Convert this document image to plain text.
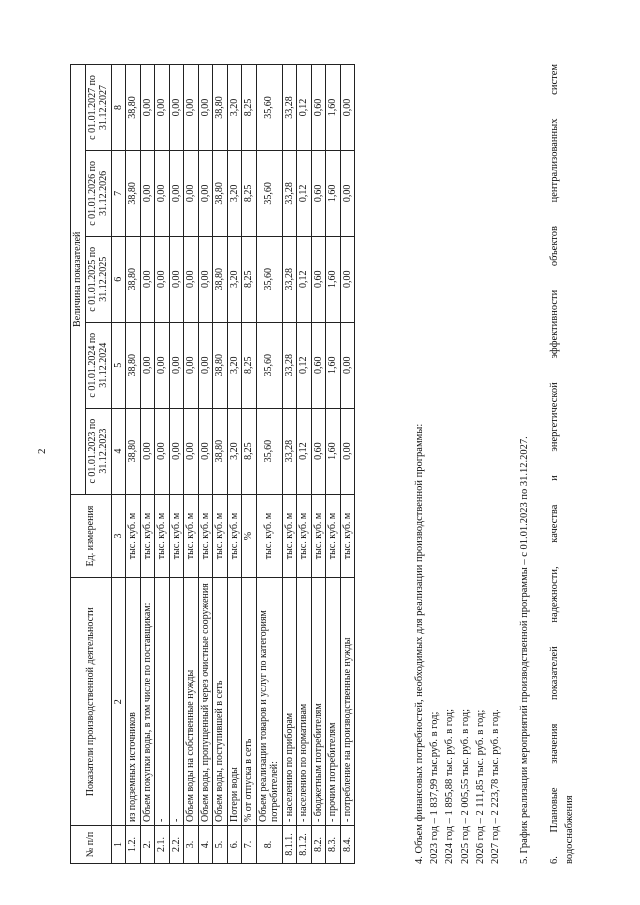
2
№ п/п	Показатели производственной деятельности	Ед. измерения	Величина показателей				
			с 01.01.2023 по 31.12.2023	с 01.01.2024 по 31.12.2024	с 01.01.2025 по 31.12.2025	с 01.01.2026 по 31.12.2026	с 01.01.2027 по 31.12.2027
1	2	3	4	5	6	7	8
1.2.	из подземных источников	тыс. куб. м	38,80	38,80	38,80	38,80	38,80
2.	Объем покупки воды, в том числе по поставщикам:	тыс. куб. м	0,00	0,00	0,00	0,00	0,00
2.1.	-	тыс. куб. м	0,00	0,00	0,00	0,00	0,00
2.2.	-	тыс. куб. м	0,00	0,00	0,00	0,00	0,00
3.	Объем воды на собственные нужды	тыс. куб. м	0,00	0,00	0,00	0,00	0,00
4.	Объем воды, пропущенный через очистные сооружения	тыс. куб. м	0,00	0,00	0,00	0,00	0,00
5.	Объем воды, поступившей в сеть	тыс. куб. м	38,80	38,80	38,80	38,80	38,80
6.	Потери воды	тыс. куб. м	3,20	3,20	3,20	3,20	3,20
7.	% от отпуска в сеть	%	8,25	8,25	8,25	8,25	8,25
8.	Объем реализации товаров и услуг по категориям потребителей:	тыс. куб. м	35,60	35,60	35,60	35,60	35,60
8.1.1.	- населению по приборам	тыс. куб. м	33,28	33,28	33,28	33,28	33,28
8.1.2.	- населению по нормативам	тыс. куб. м	0,12	0,12	0,12	0,12	0,12
8.2.	- бюджетным потребителям	тыс. куб. м	0,60	0,60	0,60	0,60	0,60
8.3.	- прочим потребителям	тыс. куб. м	1,60	1,60	1,60	1,60	1,60
8.4.	- потребление на производственные нужды	тыс. куб. м	0,00	0,00	0,00	0,00	0,00

4. Объем финансовых потребностей, необходимых для реализации производственной программы: 2023 год – 1 837,99 тыс.руб. в год; 2024 год – 1 895,88 тыс. руб. в год; 2025 год – 2 005,55 тыс. руб. в год; 2026 год – 2 111,85 тыс. руб. в год; 2027 год – 2 223,78 тыс. руб. в год. 5. График реализации мероприятий производственной программы – с 01.01.2023 по 31.12.2027. 6. Плановые значения показателей надежности, качества и энергетической эффективности объектов централизованных систем водоснабжения
